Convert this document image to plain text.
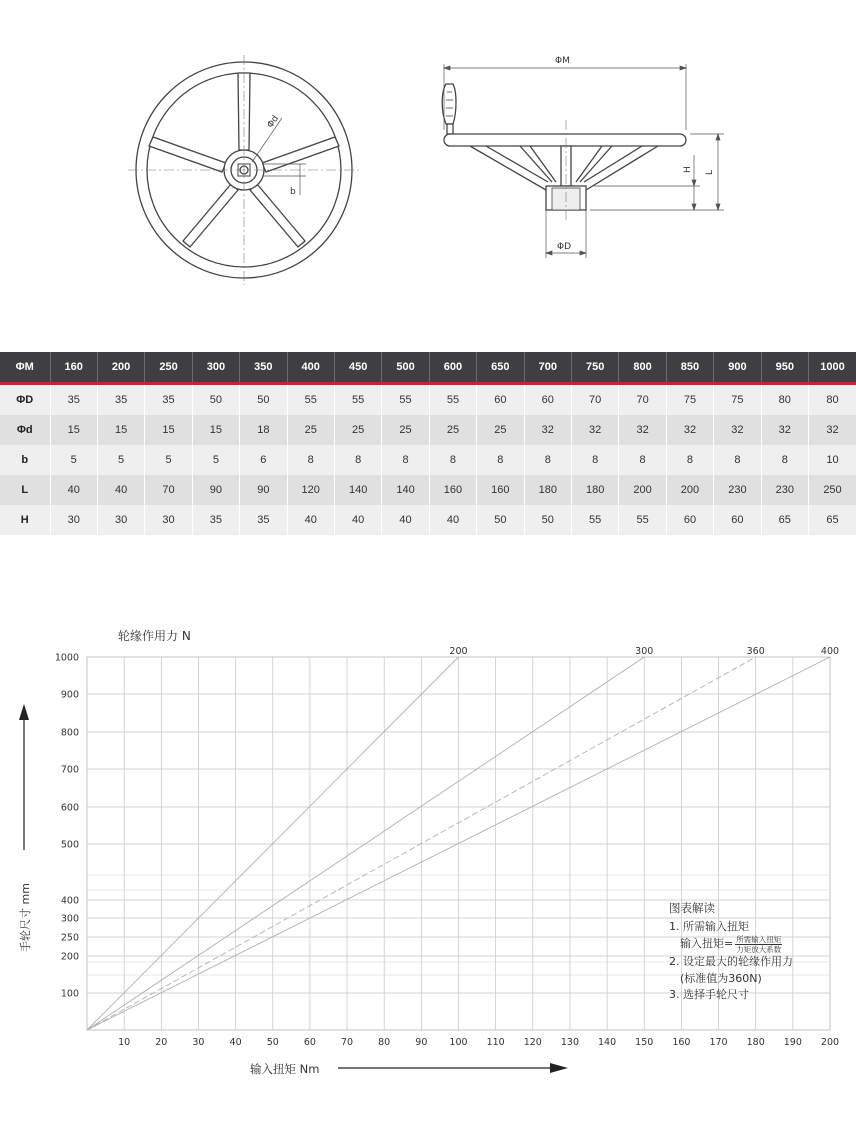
Φd
b
ΦM
H L
ΦD
ΦM	160	200	250	300	350	400	450	500	600	650	700	750	800	850	900	950	1000
ΦD	35	35	35	50	50	55	55	55	55	60	60	70	70	75	75	80	80
Φd	15	15	15	15	18	25	25	25	25	25	32	32	32	32	32	32	32
b	5	5	5	5	6	8	8	8	8	8	8	8	8	8	8	8	10
L	40	40	70	90	90	120	140	140	160	160	180	180	200	200	230	230	250
H	30	30	30	35	35	40	40	40	40	50	50	55	55	60	60	65	65
轮缘作用力 N
200	300	360	400
10	20	30	40	50	60	70	80	90 100 110 120 130 140 150 160 170 180 190 200
1000
900
800
700
600
500
400
300
250
200
100
手轮尺寸 mm
输入扭矩 Nm
图表解读
1. 所需输入扭矩
输入扭矩= $\frac{\text{所需输入扭矩}}{\text{力矩放大系数}}$
2. 设定最大的轮缘作用力
(标准值为360N)
3. 选择手轮尺寸
